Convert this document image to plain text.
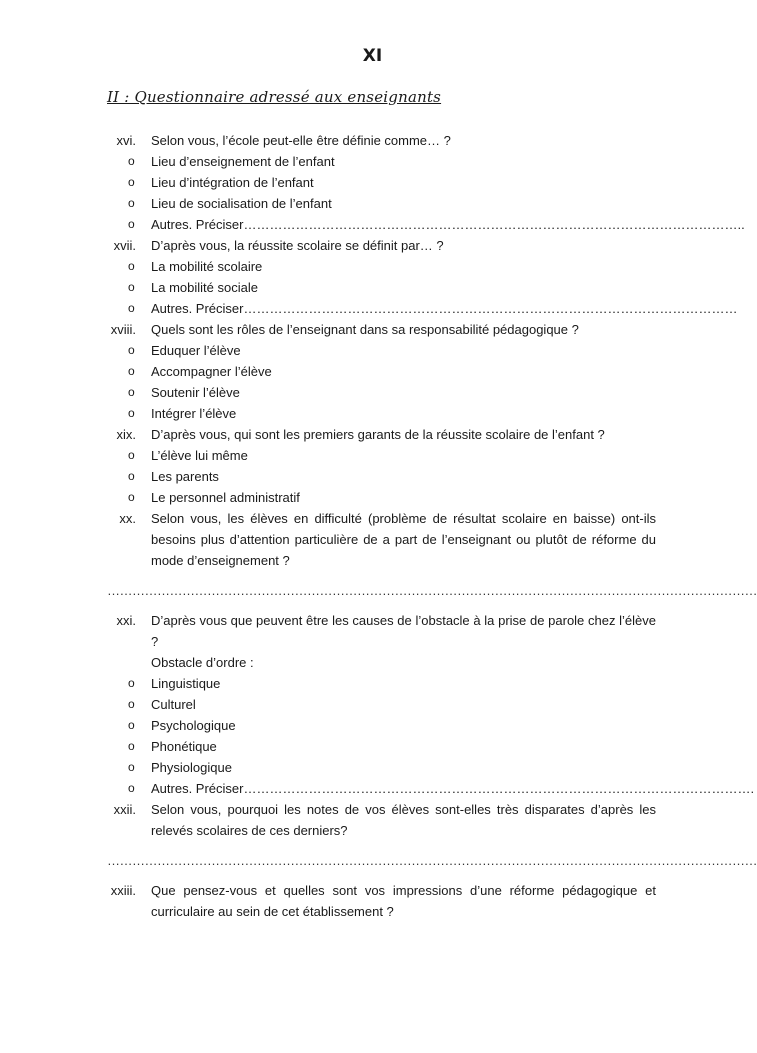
XI
II : Questionnaire adressé aux enseignants
xvi. Selon vous, l’école peut-elle être définie comme… ?
o Lieu d’enseignement de l’enfant
o Lieu d’intégration de l’enfant
o Lieu de socialisation de l’enfant
o Autres. Préciser……………………………………………………………………………………………………..
xvii. D’après vous, la réussite scolaire se définit par… ?
o La mobilité scolaire
o La mobilité sociale
o Autres. Préciser……………………………………………………………………………………………………
xviii. Quels sont les rôles de l’enseignant dans sa responsabilité pédagogique ?
o Eduquer l’élève
o Accompagner l’élève
o Soutenir l’élève
o Intégrer l’élève
xix. D’après vous, qui sont les premiers garants de la réussite scolaire de l’enfant ?
o L’élève lui même
o Les parents
o Le personnel administratif
xx. Selon vous, les élèves en difficulté (problème de résultat scolaire en baisse) ont-ils besoins plus d’attention particulière de a part de l’enseignant ou plutôt de réforme du mode d’enseignement ?
…………………………………………………………………………………………………………………………………………
xxi. D’après vous que peuvent être les causes de l’obstacle à la prise de parole chez l’élève ?
Obstacle d’ordre :
o Linguistique
o Culturel
o Psychologique
o Phonétique
o Physiologique
o Autres. Préciser……………………………………………………………………………………………………….
xxii. Selon vous, pourquoi les notes de vos élèves sont-elles très disparates d’après les relevés scolaires de ces derniers?
…………………………………………………………………………………………………………………………………………
xxiii. Que pensez-vous et quelles sont vos impressions d’une réforme pédagogique et curriculaire au sein de cet établissement ?
